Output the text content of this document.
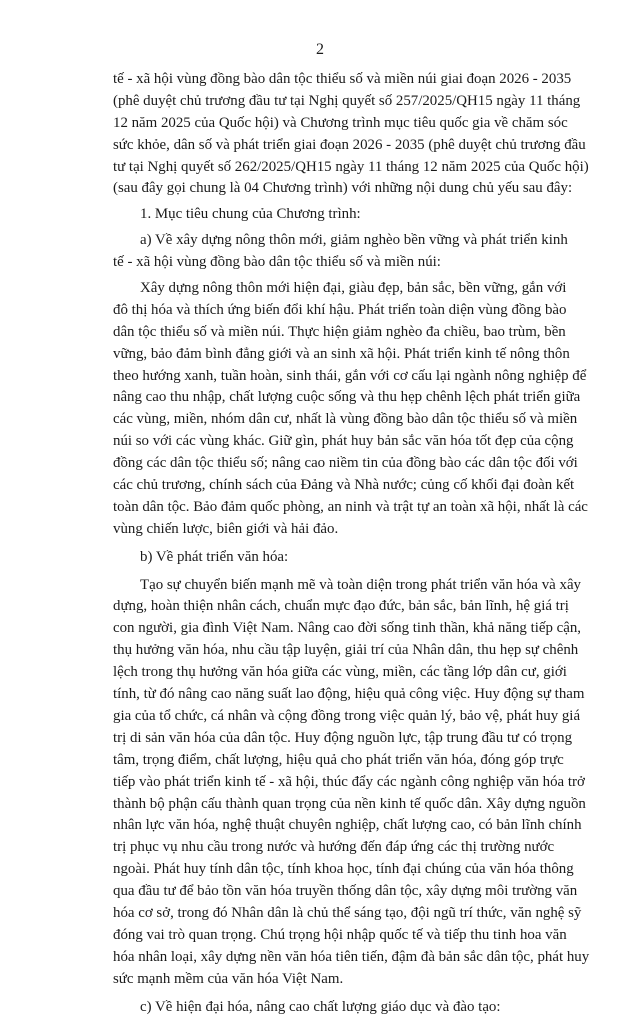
2
tế - xã hội vùng đồng bào dân tộc thiểu số và miền núi giai đoạn 2026 - 2035
(phê duyệt chủ trương đầu tư tại Nghị quyết số 257/2025/QH15 ngày 11 tháng
12 năm 2025 của Quốc hội) và Chương trình mục tiêu quốc gia về chăm sóc
sức khỏe, dân số và phát triển giai đoạn 2026 - 2035 (phê duyệt chủ trương đầu
tư tại Nghị quyết số 262/2025/QH15 ngày 11 tháng 12 năm 2025 của Quốc hội)
(sau đây gọi chung là 04 Chương trình) với những nội dung chủ yếu sau đây:
1. Mục tiêu chung của Chương trình:
a) Về xây dựng nông thôn mới, giảm nghèo bền vững và phát triển kinh
tế - xã hội vùng đồng bào dân tộc thiểu số và miền núi:
Xây dựng nông thôn mới hiện đại, giàu đẹp, bản sắc, bền vững, gắn với
đô thị hóa và thích ứng biến đổi khí hậu. Phát triển toàn diện vùng đồng bào
dân tộc thiểu số và miền núi. Thực hiện giảm nghèo đa chiều, bao trùm, bền
vững, bảo đảm bình đẳng giới và an sinh xã hội. Phát triển kinh tế nông thôn
theo hướng xanh, tuần hoàn, sinh thái, gắn với cơ cấu lại ngành nông nghiệp để
nâng cao thu nhập, chất lượng cuộc sống và thu hẹp chênh lệch phát triển giữa
các vùng, miền, nhóm dân cư, nhất là vùng đồng bào dân tộc thiểu số và miền
núi so với các vùng khác. Giữ gìn, phát huy bản sắc văn hóa tốt đẹp của cộng
đồng các dân tộc thiểu số; nâng cao niềm tin của đồng bào các dân tộc đối với
các chủ trương, chính sách của Đảng và Nhà nước; củng cố khối đại đoàn kết
toàn dân tộc. Bảo đảm quốc phòng, an ninh và trật tự an toàn xã hội, nhất là các
vùng chiến lược, biên giới và hải đảo.
b) Về phát triển văn hóa:
Tạo sự chuyển biến mạnh mẽ và toàn diện trong phát triển văn hóa và xây
dựng, hoàn thiện nhân cách, chuẩn mực đạo đức, bản sắc, bản lĩnh, hệ giá trị
con người, gia đình Việt Nam. Nâng cao đời sống tinh thần, khả năng tiếp cận,
thụ hưởng văn hóa, nhu cầu tập luyện, giải trí của Nhân dân, thu hẹp sự chênh
lệch trong thụ hưởng văn hóa giữa các vùng, miền, các tầng lớp dân cư, giới
tính, từ đó nâng cao năng suất lao động, hiệu quả công việc. Huy động sự tham
gia của tổ chức, cá nhân và cộng đồng trong việc quản lý, bảo vệ, phát huy giá
trị di sản văn hóa của dân tộc. Huy động nguồn lực, tập trung đầu tư có trọng
tâm, trọng điểm, chất lượng, hiệu quả cho phát triển văn hóa, đóng góp trực
tiếp vào phát triển kinh tế - xã hội, thúc đẩy các ngành công nghiệp văn hóa trở
thành bộ phận cấu thành quan trọng của nền kinh tế quốc dân. Xây dựng nguồn
nhân lực văn hóa, nghệ thuật chuyên nghiệp, chất lượng cao, có bản lĩnh chính
trị phục vụ nhu cầu trong nước và hướng đến đáp ứng các thị trường nước
ngoài. Phát huy tính dân tộc, tính khoa học, tính đại chúng của văn hóa thông
qua đầu tư để bảo tồn văn hóa truyền thống dân tộc, xây dựng môi trường văn
hóa cơ sở, trong đó Nhân dân là chủ thể sáng tạo, đội ngũ trí thức, văn nghệ sỹ
đóng vai trò quan trọng. Chú trọng hội nhập quốc tế và tiếp thu tinh hoa văn
hóa nhân loại, xây dựng nền văn hóa tiên tiến, đậm đà bản sắc dân tộc, phát huy
sức mạnh mềm của văn hóa Việt Nam.
c) Về hiện đại hóa, nâng cao chất lượng giáo dục và đào tạo:
